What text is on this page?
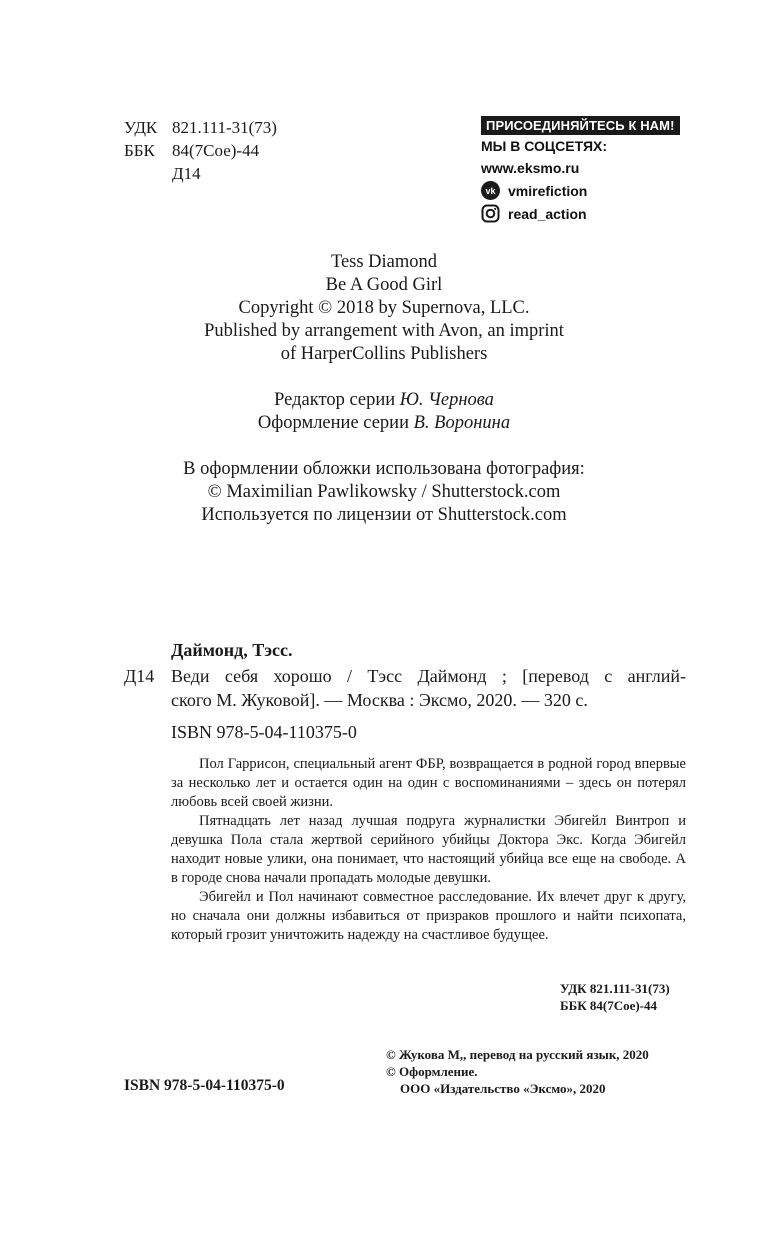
УДК 821.111-31(73)
ББК	84(7Сое)-44
Д14
ПРИСОЕДИНЯЙТЕСЬ К НАМ!
МЫ В СОЦСЕТЯХ:
www.eksmo.ru
vk vmirefiction
read_action
Tess Diamond
Be A Good Girl
Copyright © 2018 by Supernova, LLC.
Published by arrangement with Avon, an imprint
of HarperCollins Publishers
Редактор серии Ю. Чернова
Оформление серии В. Воронина
В оформлении обложки использована фотография:
© Maximilian Pawlikowsky / Shutterstock.com
Используется по лицензии от Shutterstock.com
Даймонд, Тэсс.
Д14 Веди себя хорошо / Тэсс Даймонд ; [перевод с англий-
ского М. Жуковой]. — Москва : Эксмо, 2020. — 320 с.
ISBN 978-5-04-110375-0

Пол Гаррисон, специальный агент ФБР, возвращается в родной город впервые за несколько лет и остается один на один с воспоминаниями – здесь он потерял любовь всей своей жизни.

Пятнадцать лет назад лучшая подруга журналистки Эбигейл Винтроп и девушка Пола стала жертвой серийного убийцы Доктора Экс. Когда Эбигейл находит новые улики, она понимает, что настоящий убийца все еще на свободе. А в городе снова начали пропадать молодые девушки.

Эбигейл и Пол начинают совместное расследование. Их влечет друг к другу, но сначала они должны избавиться от призраков прошлого и найти психопата, который грозит уничтожить надежду на счастливое будущее.

УДК 821.111-31(73)
ББК 84(7Сое)-44
© Жукова М,, перевод на русский язык, 2020
© Оформление.
ООО «Издательство «Эксмо», 2020
ISBN 978-5-04-110375-0
